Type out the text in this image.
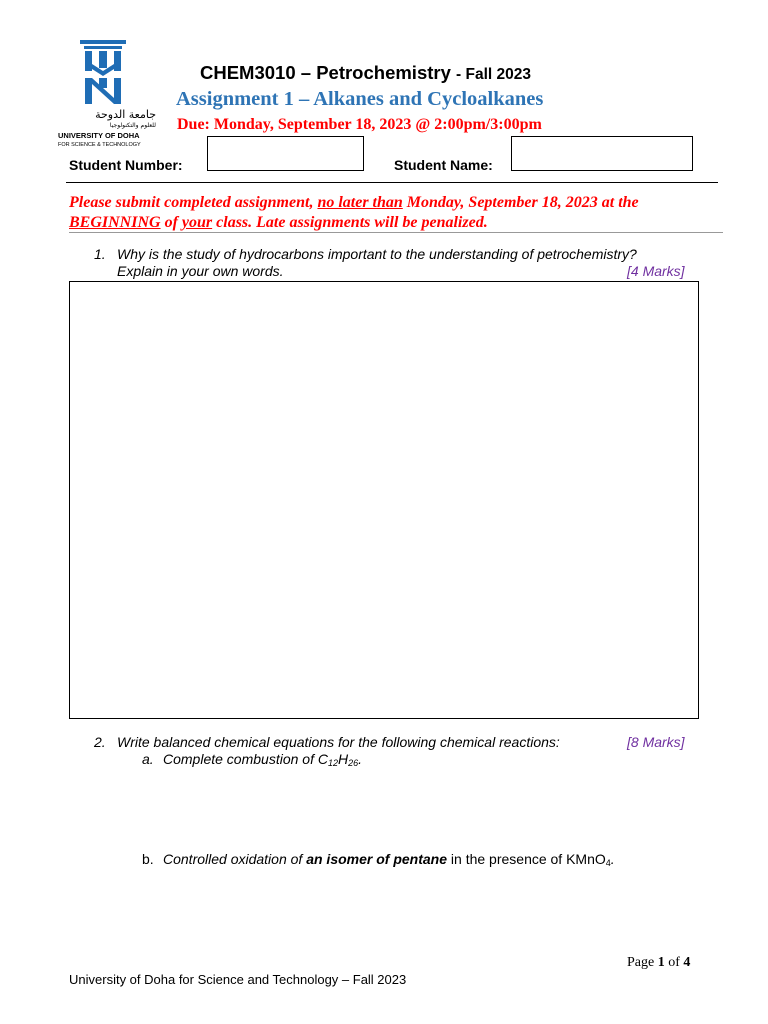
جامعة الدوحة
للعلوم والتكنولوجيا
UNIVERSITY OF DOHA
FOR SCIENCE & TECHNOLOGY
CHEM3010 – Petrochemistry - Fall 2023
Assignment 1 – Alkanes and Cycloalkanes
Due: Monday, September 18, 2023 @ 2:00pm/3:00pm
Student Number:	Student Name:
Please submit completed assignment, no later than Monday, September 18, 2023 at the BEGINNING of your class. Late assignments will be penalized.
1. Why is the study of hydrocarbons important to the understanding of petrochemistry?
Explain in your own words.	[4 Marks]
2. Write balanced chemical equations for the following chemical reactions:	[8 Marks]
a. Complete combustion of $C_{12}H_{26}$.
b. Controlled oxidation of an isomer of pentane in the presence of KMnO$_4$.
Page 1 of 4
University of Doha for Science and Technology – Fall 2023
